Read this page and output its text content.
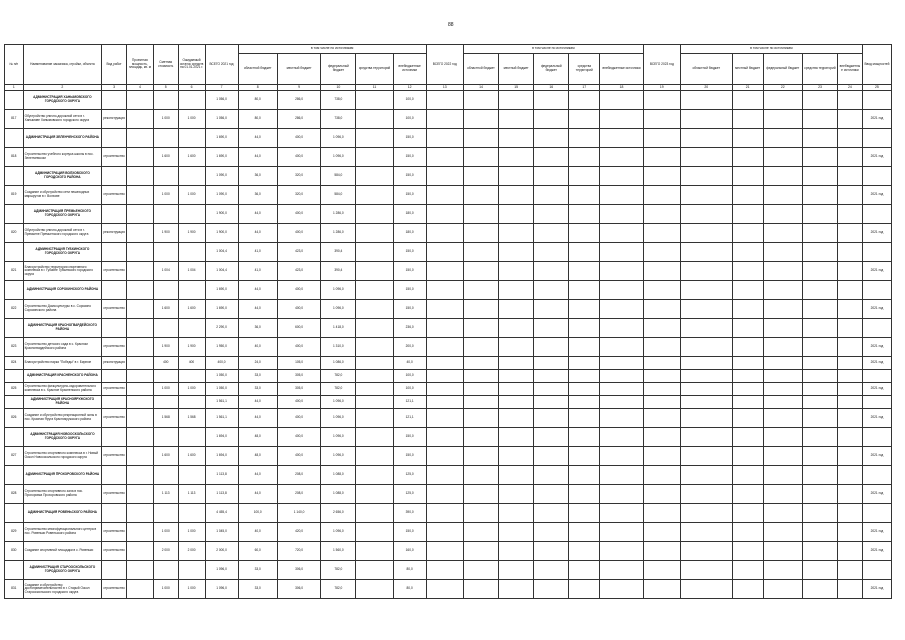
88
№ п/п	Наименование заказчика, стройки, объекта	Вид работ	Проектная мощность, площадь, кв. м	Сметная стоимость	Ожидаемый остаток средств на 01.01.2021 г.	ВСЕГО 2021 год	в том числе по источникам					ВСЕГО 2022 год	в том числе по источникам					ВСЕГО 2023 год	в том числе по источникам					Ввод мощностей
							областной бюджет	местный бюджет	федеральный бюджет	средства территорий	внебюджетные источники		областной бюджет	местный бюджет	федеральный бюджет	средства территорий	внебюджетные источники		областной бюджет	местный бюджет	федеральный бюджет	средства территорий	внебюджетные источники	
1	2	3	4	5	6	7	8	9	10	11	12	13	14	15	16	17	18	19	20	21	22	23	24	25
	АДМИНИСТРАЦИЯ ХАНЫМОВСКОГО ГОРОДСКОГО ОКРУГА					1 056,0	80,0	286,0	738,0		100,0													
817	Обустройство улично-дорожной сети в г. Ханымове Ханымовского городского округа	реконструкция		1 000	1 000	1 056,0	80,0	286,0	738,0		100,0													2021 год
	АДМИНИСТРАЦИЯ ЗЕЛЕНЧЕНСКОГО РАЙОНА					1 690,0	44,0	400,0	1 096,0		150,0													
818	Строительство учебного корпуса школы в пос. Зеленчевском	строительство		1 600	1 600	1 690,0	44,0	400,0	1 096,0		150,0													2021 год
	АДМИНИСТРАЦИЯ ВОЛХОВСКОГО ГОРОДСКОГО РАЙОНА					1 090,0	36,0	320,0	584,0		150,0													
819	Создание и обустройство сети пешеходных маршрутов в г. Волхове	строительство		1 000	1 000	1 090,0	36,0	320,0	584,0		150,0													2021 год
	АДМИНИСТРАЦИЯ ПРЕМЬЕНСКОГО ГОРОДСКОГО ОКРУГА					1 900,0	44,0	400,0	1 286,0		180,0													
820	Обустройство улично-дорожной сети в г. Премьене Премьенского городского округа	реконструкция		1 900	1 900	1 900,0	44,0	400,0	1 286,0		180,0													2021 год
	АДМИНИСТРАЦИЯ ГУБКИНСКОГО ГОРОДСКОГО ОКРУГА					1 004,4	41,0	423,0	390,4		150,0													
821	Благоустройство территории спортивного комплекса в г. Губкине Губкинского городского округа	строительство		1 004	1 004	1 004,4	41,0	423,0	390,4		150,0													2021 год
	АДМИНИСТРАЦИЯ СОРОКИНСКОГО РАЙОНА					1 690,0	44,0	400,0	1 096,0		150,0													
822	Строительство Дома культуры в с. Сорокино Сорокинского района	строительство		1 600	1 600	1 690,0	44,0	400,0	1 096,0		150,0													2021 год
	АДМИНИСТРАЦИЯ КРАСНОГВАРДЕЙСКОГО РАЙОНА					2 290,0	36,0	600,0	1 418,0		236,0													
823	Строительство детского сада в с. Красном Красногвардейского района	строительство		1 900	1 900	1 950,0	40,0	400,0	1 310,0		200,0													2021 год
824	Благоустройство парка "Победы" в г. Бирюче	реконструкция		400	400	400,0	24,0	105,0	1 086,0		40,0													2021 год
	АДМИНИСТРАЦИЯ КРАСНЕНСКОГО РАЙОНА					1 050,0	33,0	305,0	782,0		100,0													
825	Строительство физкультурно-оздоровительного комплекса в с. Красное Красненского района	строительство		1 000	1 000	1 050,0	33,0	305,0	782,0		100,0													2021 год
	АДМИНИСТРАЦИЯ КРАСНОЯРУЖСКОГО РАЙОНА					1 561,1	44,0	400,0	1 096,0		121,1													
826	Создание и обустройство рекреационной зоны в пос. Красная Яруга Краснояружского района	строительство		1 568	1 568	1 561,1	44,0	400,0	1 096,0		121,1													2021 год
	АДМИНИСТРАЦИЯ НОВООСКОЛЬСКОГО ГОРОДСКОГО ОКРУГА					1 694,0	48,0	400,0	1 096,0		150,0													
827	Строительство спортивного комплекса в г. Новый Оскол Новооскольского городского округа	строительство		1 600	1 600	1 694,0	48,0	400,0	1 096,0		150,0													2021 год
	АДМИНИСТРАЦИЯ ПРОХОРОВСКОГО РАЙОНА					1 113,8	44,0	208,0	1 088,0		125,0													
828	Строительство спортивного зала в пос. Прохоровка Прохоровского района	строительство		1 113	1 113	1 113,8	44,0	208,0	1 088,0		125,0													2021 год
	АДМИНИСТРАЦИЯ РОВЕНЬСКОГО РАЙОНА					4 455,4	100,0	1 140,0	2 656,0		390,0													
829	Строительство многофункционального центра в пос. Ровеньки Ровеньского района	строительство		1 000	1 000	1 045,0	40,0	420,0	1 096,0		150,0													2021 год
830	Создание спортивной площадки в с. Ровеньки	строительство		2 000	2 000	2 000,0	60,0	720,0	1 560,0		160,0													2021 год
	АДМИНИСТРАЦИЯ СТАРООСКОЛЬСКОГО ГОРОДСКОГО ОКРУГА					1 096,0	33,0	306,0	782,0		80,0													
831	Создание и обустройство достопримечательностей в г. Старый Оскол Старооскольского городского округа	строительство		1 000	1 000	1 096,0	33,0	306,0	782,0		80,0													2021 год
